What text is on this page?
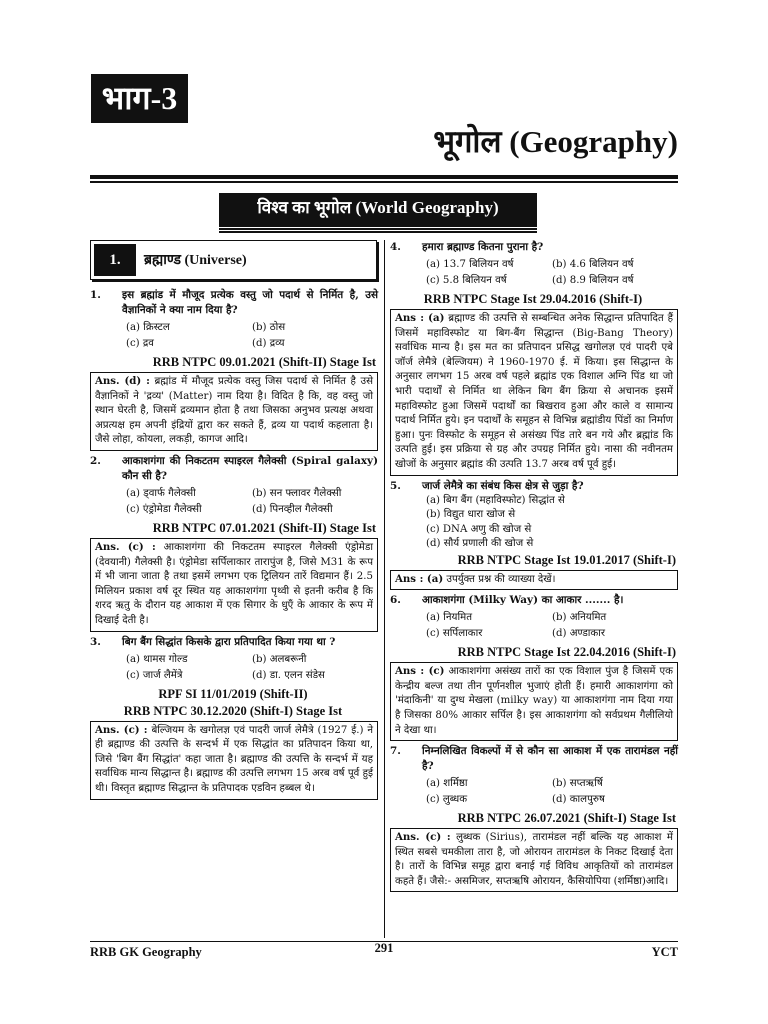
भाग-3
भूगोल (Geography)
विश्व का भूगोल (World Geography)
1.	ब्रह्माण्ड (Universe)
1.	इस ब्रह्मांड में मौजूद प्रत्येक वस्तु जो पदार्थ से निर्मित है, उसे वैज्ञानिकों ने क्या नाम दिया है?
(a) क्रिस्टल	(b) ठोस
(c) द्रव	(d) द्रव्य
RRB NTPC 09.01.2021 (Shift-II) Stage Ist
Ans. (d) : ब्रह्मांड में मौजूद प्रत्येक वस्तु जिस पदार्थ से निर्मित है उसे वैज्ञानिकों ने 'द्रव्य' (Matter) नाम दिया है। विदित है कि, वह वस्तु जो स्थान घेरती है, जिसमें द्रव्यमान होता है तथा जिसका अनुभव प्रत्यक्ष अथवा अप्रत्यक्ष हम अपनी इंद्रियों द्वारा कर सकते हैं, द्रव्य या पदार्थ कहलाता है। जैसे लोहा, कोयला, लकड़ी, कागज आदि।
2.	आकाशगंगा की निकटतम स्पाइरल गैलेक्सी (Spiral galaxy) कौन सी है?
(a) ड्वार्फ गैलेक्सी	(b) सन फ्लावर गैलेक्सी
(c) एंड्रोमेडा गैलेक्सी	(d) पिनव्हील गैलेक्सी
RRB NTPC 07.01.2021 (Shift-II) Stage Ist
Ans. (c) : आकाशगंगा की निकटतम स्पाइरल गैलेक्सी एंड्रोमेडा (देवयानी) गैलेक्सी है। एंड्रोमेडा सर्पिलाकार तारापुंज है, जिसे M31 के रूप में भी जाना जाता है तथा इसमें लगभग एक ट्रिलियन तारें विद्यमान हैं। 2.5 मिलियन प्रकाश वर्ष दूर स्थित यह आकाशगंगा पृथ्वी से इतनी करीब है कि शरद ऋतु के दौरान यह आकाश में एक सिगार के धुएँ के आकार के रूप में दिखाई देती है।
3.	बिग बैंग सिद्धांत किसके द्वारा प्रतिपादित किया गया था ?
(a) थामस गोल्ड	(b) अलबरूनी
(c) जार्ज लैमेंत्रे	(d) डा. एलन संडेस
RPF SI 11/01/2019 (Shift-II)
RRB NTPC 30.12.2020 (Shift-I) Stage Ist
Ans. (c) : बेल्जियम के खगोलज्ञ एवं पादरी जार्ज लेमैत्रे (1927 ई.) ने ही ब्रह्माण्ड की उत्पत्ति के सन्दर्भ में एक सिद्धांत का प्रतिपादन किया था, जिसे 'बिग बैंग सिद्धांत' कहा जाता है। ब्रह्माण्ड की उत्पत्ति के सन्दर्भ में यह सर्वाधिक मान्य सिद्धान्त है। ब्रह्माण्ड की उत्पत्ति लगभग 15 अरब वर्ष पूर्व हुई थी। विस्तृत ब्रह्माण्ड सिद्धान्त के प्रतिपादक एडविन हब्बल थे।
4.	हमारा ब्रह्माण्ड कितना पुराना है?
(a) 13.7 बिलियन वर्ष	(b) 4.6 बिलियन वर्ष
(c) 5.8 बिलियन वर्ष	(d) 8.9 बिलियन वर्ष
RRB NTPC Stage Ist 29.04.2016 (Shift-I)
Ans : (a) ब्रह्माण्ड की उत्पत्ति से सम्बन्धित अनेक सिद्धान्त प्रतिपादित हैं जिसमें महाविस्फोट या बिग-बैंग सिद्धान्त (Big-Bang Theory) सर्वाधिक मान्य है। इस मत का प्रतिपादन प्रसिद्ध खगोलज्ञ एवं पादरी एबे जॉर्ज लेमैत्रे (बेल्जियम) ने 1960-1970 ई. में किया। इस सिद्धान्त के अनुसार लगभग 15 अरब वर्ष पहले ब्रह्मांड एक विशाल अग्नि पिंड था जो भारी पदार्थों से निर्मित था लेकिन बिग बैंग क्रिया से अचानक इसमें महाविस्फोट हुआ जिसमें पदार्थों का बिखराव हुआ और काले व सामान्य पदार्थ निर्मित हुये। इन पदार्थों के समूहन से विभिन्न ब्रह्मांडीय पिंडों का निर्माण हुआ। पुनः विस्फोट के समूहन से असंख्य पिंड तारे बन गये और ब्रह्मांड कि उत्पति हुई। इस प्रक्रिया से ग्रह और उपग्रह निर्मित हुये। नासा की नवीनतम खोजों के अनुसार ब्रह्मांड की उत्पति 13.7 अरब वर्ष पूर्व हुई।
5.	जार्ज लेमैत्रे का संबंध किस क्षेत्र से जुड़ा है?
(a) बिग बैंग (महाविस्फोट) सिद्धांत से
(b) विद्युत धारा खोज से
(c) DNA अणु की खोज से
(d) सौर्य प्रणाली की खोज से
RRB NTPC Stage Ist 19.01.2017 (Shift-I)
Ans : (a) उपर्युक्त प्रश्न की व्याख्या देखें।
6.	आकाशगंगा (Milky Way) का आकार ....... है।
(a) नियमित	(b) अनियमित
(c) सर्पिलाकार	(d) अण्डाकार
RRB NTPC Stage Ist 22.04.2016 (Shift-I)
Ans : (c) आकाशगंगा असंख्य तारों का एक विशाल पुंज है जिसमें एक केन्द्रीय बल्ज तथा तीन पूर्णनशील भुजाएं होती हैं। हमारी आकाशगंगा को 'मंदाकिनी' या दुग्ध मेखला (milky way) या आकाशगंगा नाम दिया गया है जिसका 80% आकार सर्पिल है। इस आकाशगंगा को सर्वप्रथम गैलीलियो ने देखा था।
7.	निम्नलिखित विकल्पों में से कौन सा आकाश में एक तारामंडल नहीं है?
(a) शर्मिष्ठा	(b) सप्तऋर्षि
(c) लुब्धक	(d) कालपुरुष
RRB NTPC 26.07.2021 (Shift-I) Stage Ist
Ans. (c) : लुब्धक (Sirius), तारामंडल नहीं बल्कि यह आकाश में स्थित सबसे चमकीला तारा है, जो ओरायन तारामंडल के निकट दिखाई देता है। तारों के विभिन्न समूह द्वारा बनाई गई विविध आकृतियों को तारामंडल कहते हैं। जैसे:- असमिजर, सप्तऋषि ओरायन, कैसियोपिया (शर्मिष्ठा)आदि।
RRB GK Geography	291	YCT
